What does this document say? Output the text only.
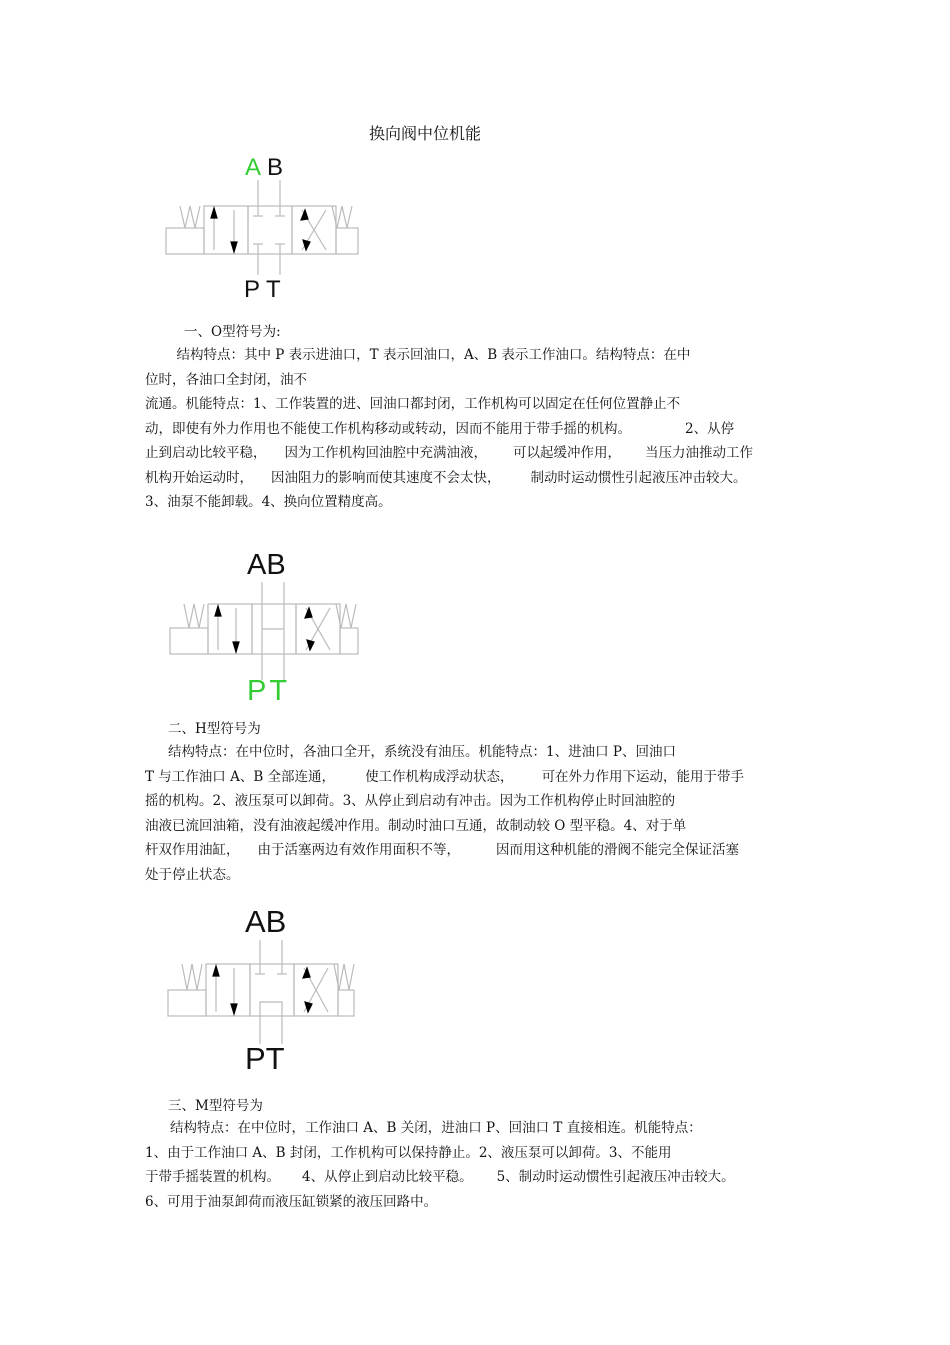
换向阀中位机能
A B
P T
一、O型符号为:
　结构特点：其中 P 表示进油口，T 表示回油口，A、B 表示工作油口。结构特点：在中
位时，各油口全封闭，油不
流通。机能特点：1、工作装置的进、回油口都封闭，工作机构可以固定在任何位置静止不
动，即使有外力作用也不能使工作机构移动或转动，因而不能用于带手摇的机构。	2、从停
止到启动比较平稳， 因为工作机构回油腔中充满油液， 可以起缓冲作用， 当压力油推动工作
机构开始运动时， 因油阻力的影响而使其速度不会太快， 制动时运动惯性引起液压冲击较大。
3、油泵不能卸载。4、换向位置精度高。
AB
PT
二、H型符号为
结构特点：在中位时，各油口全开，系统没有油压。机能特点：1、进油口 P、回油口
T 与工作油口 A、B 全部连通， 使工作机构成浮动状态， 可在外力作用下运动，能用于带手
摇的机构。2、液压泵可以卸荷。3、从停止到启动有冲击。因为工作机构停止时回油腔的
油液已流回油箱，没有油液起缓冲作用。制动时油口互通，故制动较 O 型平稳。4、对于单
杆双作用油缸， 由于活塞两边有效作用面积不等，	因而用这种机能的滑阀不能完全保证活塞
处于停止状态。
AB
PT
三、M型符号为
结构特点：在中位时，工作油口 A、B 关闭，进油口 P、回油口 T 直接相连。机能特点：
1、由于工作油口 A、B 封闭，工作机构可以保持静止。2、液压泵可以卸荷。3、不能用
于带手摇装置的机构。 4、从停止到启动比较平稳。 5、制动时运动惯性引起液压冲击较大。
6、可用于油泵卸荷而液压缸锁紧的液压回路中。
